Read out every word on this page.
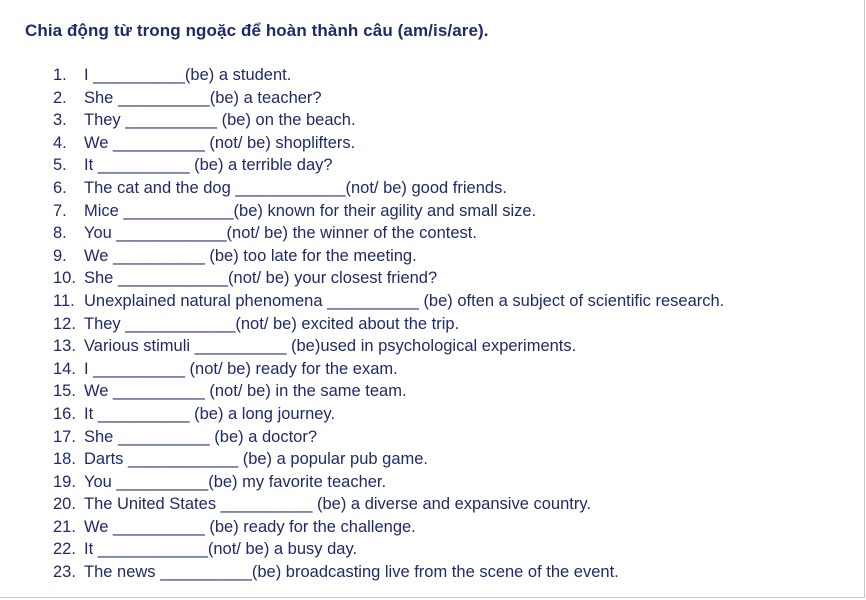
Chia động từ trong ngoặc để hoàn thành câu (am/is/are).
1.	I __________(be) a student.
2.	She __________(be) a teacher?
3.	They __________ (be) on the beach.
4.	We __________ (not/ be) shoplifters.
5.	It __________ (be) a terrible day?
6.	The cat and the dog ____________(not/ be) good friends.
7.	Mice ____________(be) known for their agility and small size.
8.	You ____________(not/ be) the winner of the contest.
9.	We __________ (be) too late for the meeting.
10. She ____________(not/ be) your closest friend?
11. Unexplained natural phenomena __________ (be) often a subject of scientific research.
12. They ____________(not/ be) excited about the trip.
13. Various stimuli __________ (be)used in psychological experiments.
14. I __________ (not/ be) ready for the exam.
15. We __________ (not/ be) in the same team.
16. It __________ (be) a long journey.
17. She __________ (be) a doctor?
18. Darts ____________ (be) a popular pub game.
19. You __________(be) my favorite teacher.
20. The United States __________ (be) a diverse and expansive country.
21. We __________ (be) ready for the challenge.
22. It ____________(not/ be) a busy day.
23. The news __________(be) broadcasting live from the scene of the event.
